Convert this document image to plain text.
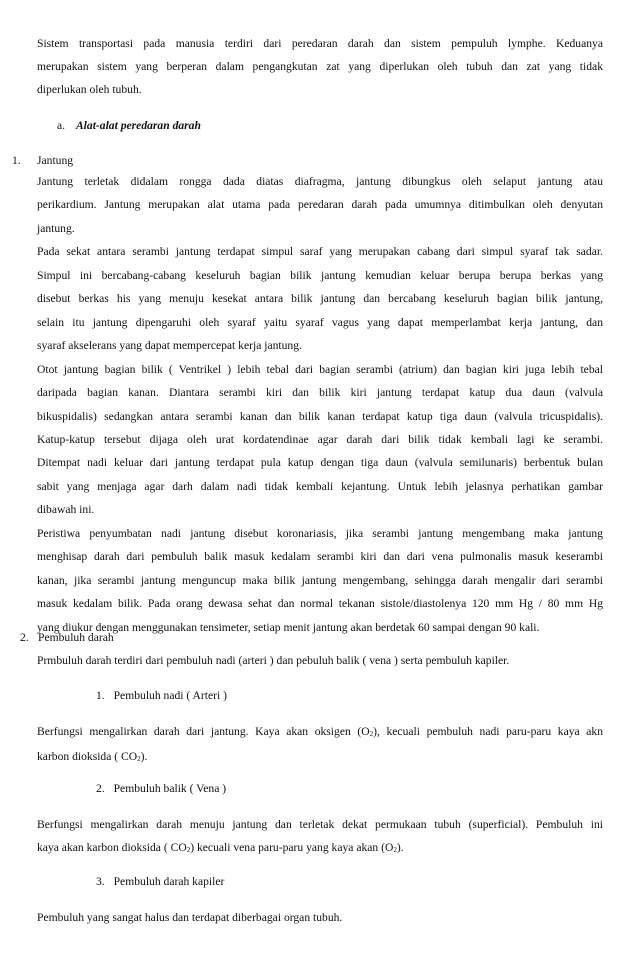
Sistem transportasi pada manusia terdiri dari peredaran darah dan sistem pempuluh lymphe. Keduanya
merupakan sistem yang berperan dalam pengangkutan zat yang diperlukan oleh tubuh dan zat yang tidak
diperlukan oleh tubuh.
a. Alat-alat peredaran darah
1. Jantung
Jantung terletak didalam rongga dada diatas diafragma, jantung dibungkus oleh selaput jantung atau
perikardium. Jantung merupakan alat utama pada peredaran darah pada umumnya ditimbulkan oleh denyutan
jantung.
Pada sekat antara serambi jantung terdapat simpul saraf yang merupakan cabang dari simpul syaraf tak sadar.
Simpul ini bercabang-cabang keseluruh bagian bilik jantung kemudian keluar berupa berupa berkas yang
disebut berkas his yang menuju kesekat antara bilik jantung dan bercabang keseluruh bagian bilik jantung,
selain itu jantung dipengaruhi oleh syaraf yaitu syaraf vagus yang dapat memperlambat kerja jantung, dan
syaraf akselerans yang dapat mempercepat kerja jantung.
Otot jantung bagian bilik ( Ventrikel ) lebih tebal dari bagian serambi (atrium) dan bagian kiri juga lebih tebal
daripada bagian kanan. Diantara serambi kiri dan bilik kiri jantung terdapat katup dua daun (valvula
bikuspidalis) sedangkan antara serambi kanan dan bilik kanan terdapat katup tiga daun (valvula tricuspidalis).
Katup-katup tersebut dijaga oleh urat kordatendinae agar darah dari bilik tidak kembali lagi ke serambi.
Ditempat nadi keluar dari jantung terdapat pula katup dengan tiga daun (valvula semilunaris) berbentuk bulan
sabit yang menjaga agar darh dalam nadi tidak kembali kejantung. Untuk lebih jelasnya perhatikan gambar
dibawah ini.
Peristiwa penyumbatan nadi jantung disebut koronariasis, jika serambi jantung mengembang maka jantung
menghisap darah dari pembuluh balik masuk kedalam serambi kiri dan dari vena pulmonalis masuk keserambi
kanan, jika serambi jantung menguncup maka bilik jantung mengembang, sehingga darah mengalir dari serambi
masuk kedalam bilik. Pada orang dewasa sehat dan normal tekanan sistole/diastolenya 120 mm Hg / 80 mm Hg
yang diukur dengan menggunakan tensimeter, setiap menit jantung akan berdetak 60 sampai dengan 90 kali.
2. Pembuluh darah
Prmbuluh darah terdiri dari pembuluh nadi (arteri ) dan pebuluh balik ( vena ) serta pembuluh kapiler.
1. Pembuluh nadi ( Arteri )
Berfungsi mengalirkan darah dari jantung. Kaya akan oksigen $(O_2)$, kecuali pembuluh nadi paru-paru kaya akn
karbon dioksida ( $CO_2$).
2. Pembuluh balik ( Vena )
Berfungsi mengalirkan darah menuju jantung dan terletak dekat permukaan tubuh (superficial). Pembuluh ini
kaya akan karbon dioksida ( $CO_2$) kecuali vena paru-paru yang kaya akan $(O_2)$.
3. Pembuluh darah kapiler
Pembuluh yang sangat halus dan terdapat diberbagai organ tubuh.
